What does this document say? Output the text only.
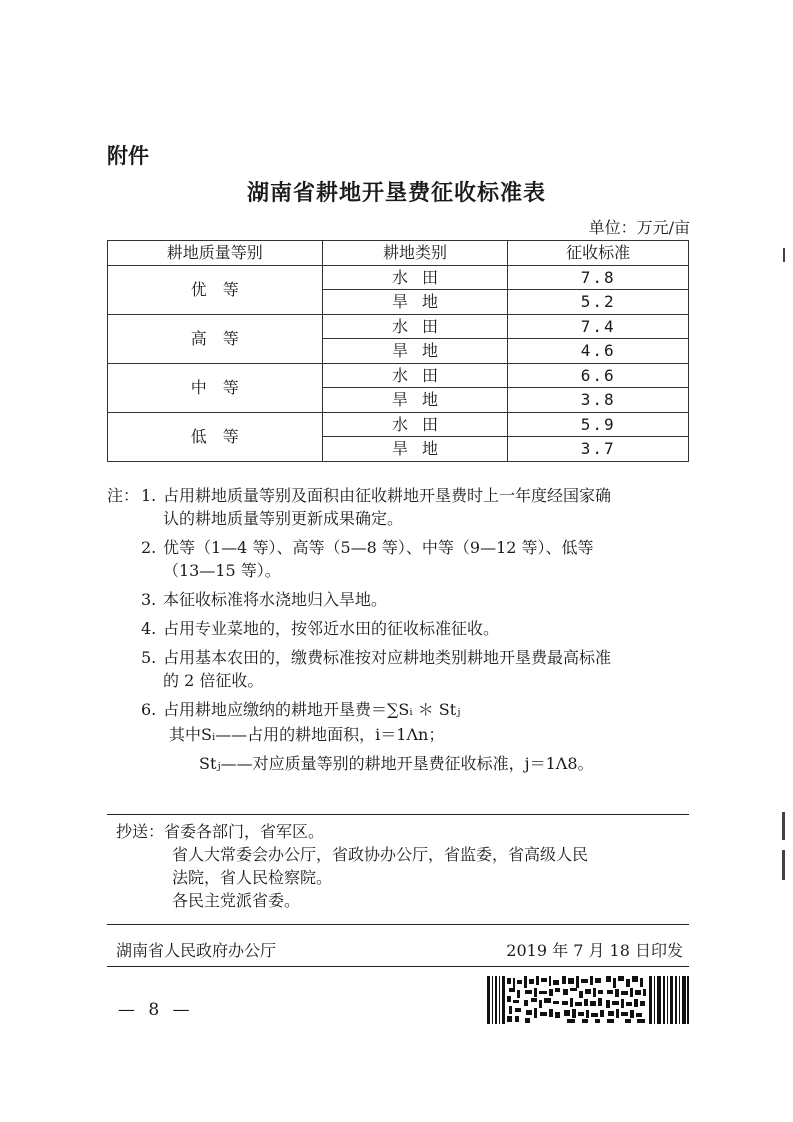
附件
湖南省耕地开垦费征收标准表
单位：万元/亩
耕地质量等别	耕地类别	征收标准
优等	水田	7.8
	旱地	5.2
高等	水田	7.4
	旱地	4.6
中等	水田	6.6
	旱地	3.8
低等	水田	5.9
	旱地	3.7
注： 1. 占用耕地质量等别及面积由征收耕地开垦费时上一年度经国家确
认的耕地质量等别更新成果确定。
2. 优等（1—4 等）、高等（5—8 等）、中等（9—12 等）、低等
（13—15 等）。
3. 本征收标准将水浇地归入旱地。
4. 占用专业菜地的，按邻近水田的征收标准征收。
5. 占用基本农田的，缴费标准按对应耕地类别耕地开垦费最高标准
的 2 倍征收。
6. 占用耕地应缴纳的耕地开垦费＝∑Sᵢ ＊ Stⱼ
其中Sᵢ——占用的耕地面积，i＝1Λn；
Stⱼ——对应质量等别的耕地开垦费征收标准，j＝1Λ8。
抄送：省委各部门，省军区。
省人大常委会办公厅，省政协办公厅，省监委，省高级人民
法院，省人民检察院。
各民主党派省委。
湖南省人民政府办公厅	2019 年 7 月 18 日印发
— 8 —
